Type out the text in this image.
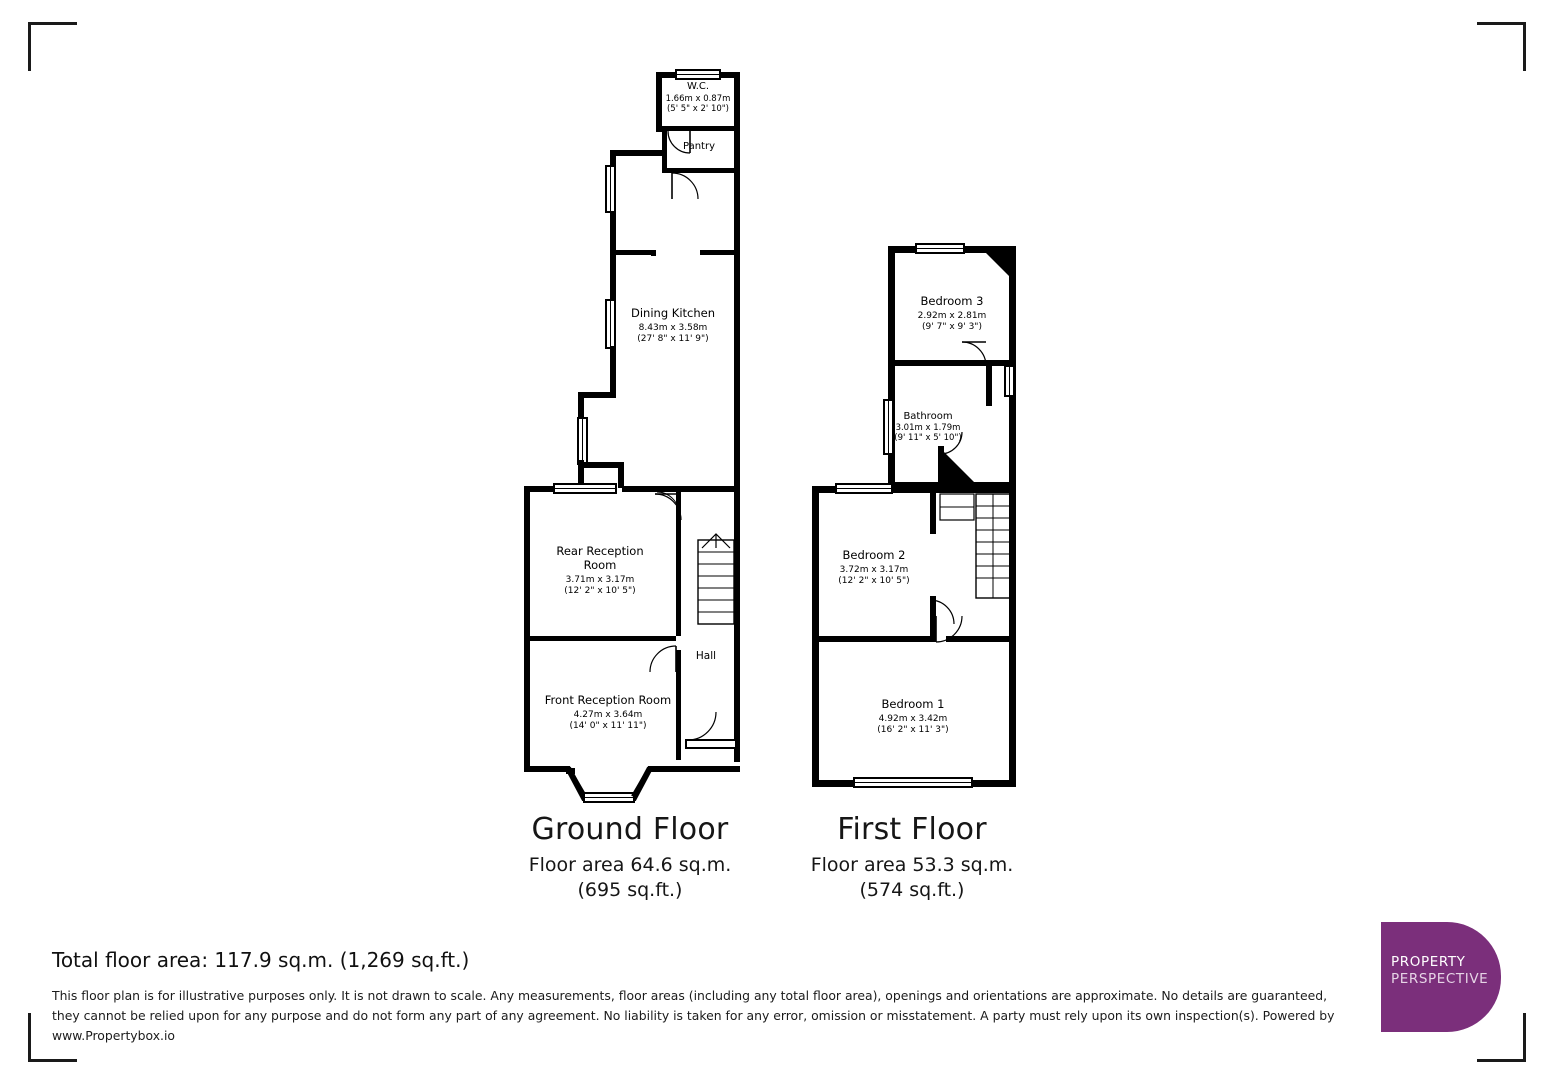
W.C.
1.66m x 0.87m
(5' 5" x 2' 10")
Pantry
Dining Kitchen
8.43m x 3.58m
(27' 8" x 11' 9")
Rear Reception
Room
3.71m x 3.17m
(12' 2" x 10' 5")
Hall
Front Reception Room
4.27m x 3.64m
(14' 0" x 11' 11")
Bedroom 3
2.92m x 2.81m
(9' 7" x 9' 3")
Bathroom
3.01m x 1.79m
(9' 11" x 5' 10")
Bedroom 2
3.72m x 3.17m
(12' 2" x 10' 5")
Bedroom 1
4.92m x 3.42m
(16' 2" x 11' 3")
Ground Floor
Floor area 64.6 sq.m.
(695 sq.ft.)
First Floor
Floor area 53.3 sq.m.
(574 sq.ft.)
Total floor area: 117.9 sq.m. (1,269 sq.ft.)
This floor plan is for illustrative purposes only. It is not drawn to scale. Any measurements, floor areas (including any total floor area), openings and orientations are approximate. No details are guaranteed, they cannot be relied upon for any purpose and do not form any part of any agreement. No liability is taken for any error, omission or misstatement. A party must rely upon its own inspection(s). Powered by www.Propertybox.io
PROPERTY
PERSPECTIVE
